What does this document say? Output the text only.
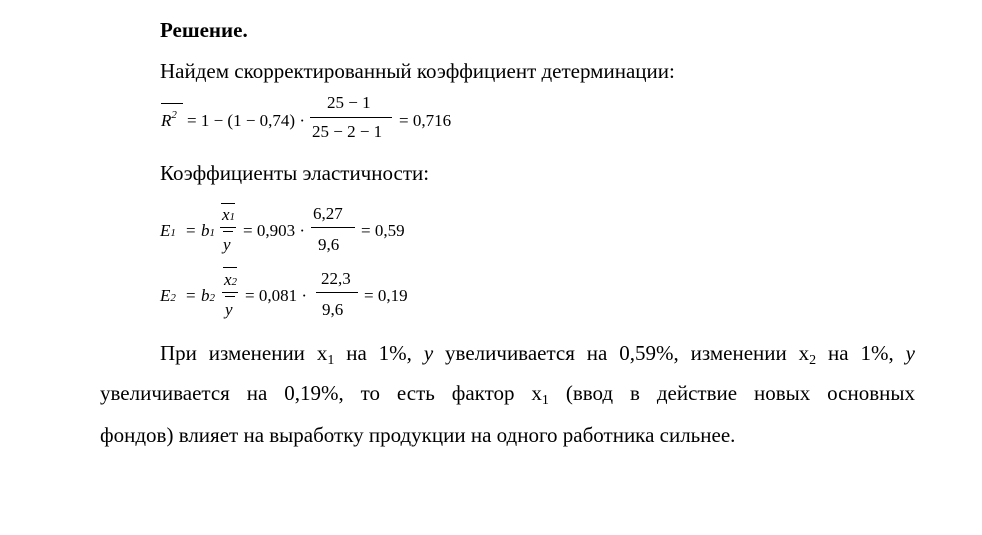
Решение.
Найдем скорректированный коэффициент детерминации:
$R^2 = 1 - (1 - 0,74)$ ·
25 − 1
25 − 2 − 1
= 0,716
Коэффициенты эластичности:
E1 = b1
x1
y
= 0,903 ·
6,27
9,6
= 0,59
E2 = b2
x2
y
= 0,081 ·
22,3
9,6
= 0,19
При изменении x1 на 1%, y увеличивается на 0,59%, изменении x2 на 1%, y
увеличивается на 0,19%, то есть фактор x1 (ввод в действие новых основных
фондов) влияет на выработку продукции на одного работника сильнее.
